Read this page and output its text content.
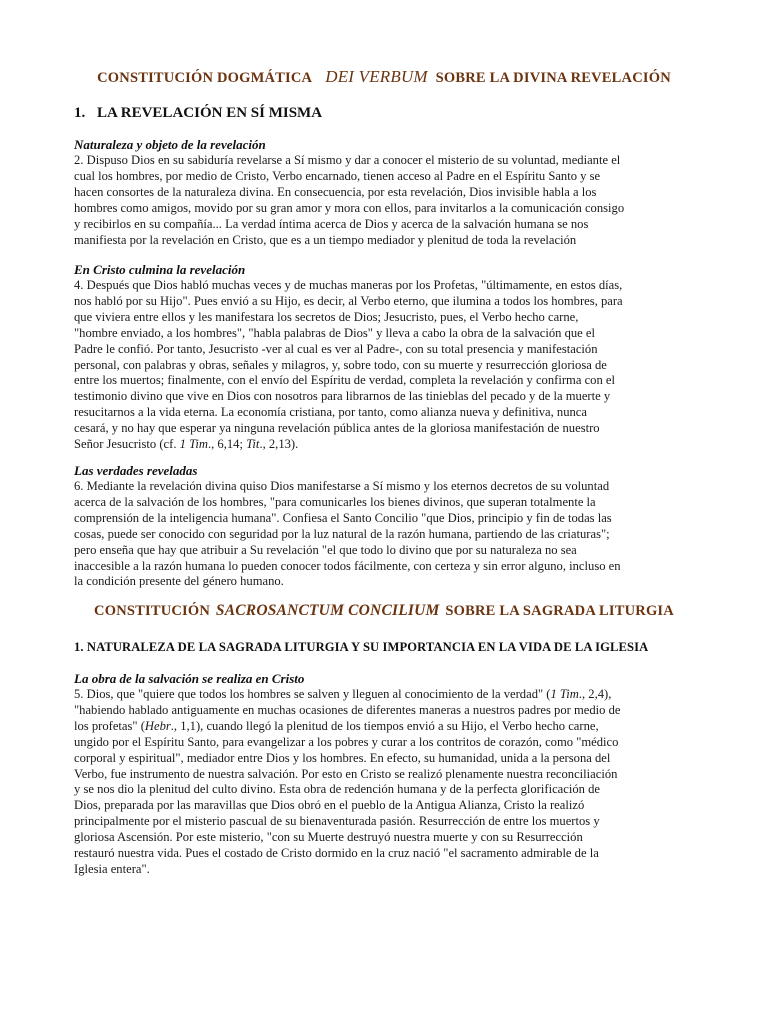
CONSTITUCIÓN DOGMÁTICA DEI VERBUM SOBRE LA DIVINA REVELACIÓN
1. LA REVELACIÓN EN SÍ MISMA
Naturaleza y objeto de la revelación
2. Dispuso Dios en su sabiduría revelarse a Sí mismo y dar a conocer el misterio de su voluntad, mediante el
cual los hombres, por medio de Cristo, Verbo encarnado, tienen acceso al Padre en el Espíritu Santo y se
hacen consortes de la naturaleza divina. En consecuencia, por esta revelación, Dios invisible habla a los
hombres como amigos, movido por su gran amor y mora con ellos, para invitarlos a la comunicación consigo
y recibirlos en su compañía... La verdad íntima acerca de Dios y acerca de la salvación humana se nos
manifiesta por la revelación en Cristo, que es a un tiempo mediador y plenitud de toda la revelación
En Cristo culmina la revelación
4. Después que Dios habló muchas veces y de muchas maneras por los Profetas, "últimamente, en estos días,
nos habló por su Hijo". Pues envió a su Hijo, es decir, al Verbo eterno, que ilumina a todos los hombres, para
que viviera entre ellos y les manifestara los secretos de Dios; Jesucristo, pues, el Verbo hecho carne,
"hombre enviado, a los hombres", "habla palabras de Dios" y lleva a cabo la obra de la salvación que el
Padre le confió. Por tanto, Jesucristo -ver al cual es ver al Padre-, con su total presencia y manifestación
personal, con palabras y obras, señales y milagros, y, sobre todo, con su muerte y resurrección gloriosa de
entre los muertos; finalmente, con el envío del Espíritu de verdad, completa la revelación y confirma con el
testimonio divino que vive en Dios con nosotros para librarnos de las tinieblas del pecado y de la muerte y
resucitarnos a la vida eterna. La economía cristiana, por tanto, como alianza nueva y definitiva, nunca
cesará, y no hay que esperar ya ninguna revelación pública antes de la gloriosa manifestación de nuestro
Señor Jesucristo (cf. 1 Tim., 6,14; Tit., 2,13).
Las verdades reveladas
6. Mediante la revelación divina quiso Dios manifestarse a Sí mismo y los eternos decretos de su voluntad
acerca de la salvación de los hombres, "para comunicarles los bienes divinos, que superan totalmente la
comprensión de la inteligencia humana". Confiesa el Santo Concilio "que Dios, principio y fin de todas las
cosas, puede ser conocido con seguridad por la luz natural de la razón humana, partiendo de las criaturas";
pero enseña que hay que atribuir a Su revelación "el que todo lo divino que por su naturaleza no sea
inaccesible a la razón humana lo pueden conocer todos fácilmente, con certeza y sin error alguno, incluso en
la condición presente del género humano.
CONSTITUCIÓN SACROSANCTUM CONCILIUM SOBRE LA SAGRADA LITURGIA
1. NATURALEZA DE LA SAGRADA LITURGIA Y SU IMPORTANCIA EN LA VIDA DE LA IGLESIA
La obra de la salvación se realiza en Cristo
5. Dios, que "quiere que todos los hombres se salven y lleguen al conocimiento de la verdad" (1 Tim., 2,4),
"habiendo hablado antiguamente en muchas ocasiones de diferentes maneras a nuestros padres por medio de
los profetas" (Hebr., 1,1), cuando llegó la plenitud de los tiempos envió a su Hijo, el Verbo hecho carne,
ungido por el Espíritu Santo, para evangelizar a los pobres y curar a los contritos de corazón, como "médico
corporal y espiritual", mediador entre Dios y los hombres. En efecto, su humanidad, unida a la persona del
Verbo, fue instrumento de nuestra salvación. Por esto en Cristo se realizó plenamente nuestra reconciliación
y se nos dio la plenitud del culto divino. Esta obra de redención humana y de la perfecta glorificación de
Dios, preparada por las maravillas que Dios obró en el pueblo de la Antigua Alianza, Cristo la realizó
principalmente por el misterio pascual de su bienaventurada pasión. Resurrección de entre los muertos y
gloriosa Ascensión. Por este misterio, "con su Muerte destruyó nuestra muerte y con su Resurrección
restauró nuestra vida. Pues el costado de Cristo dormido en la cruz nació "el sacramento admirable de la
Iglesia entera".
